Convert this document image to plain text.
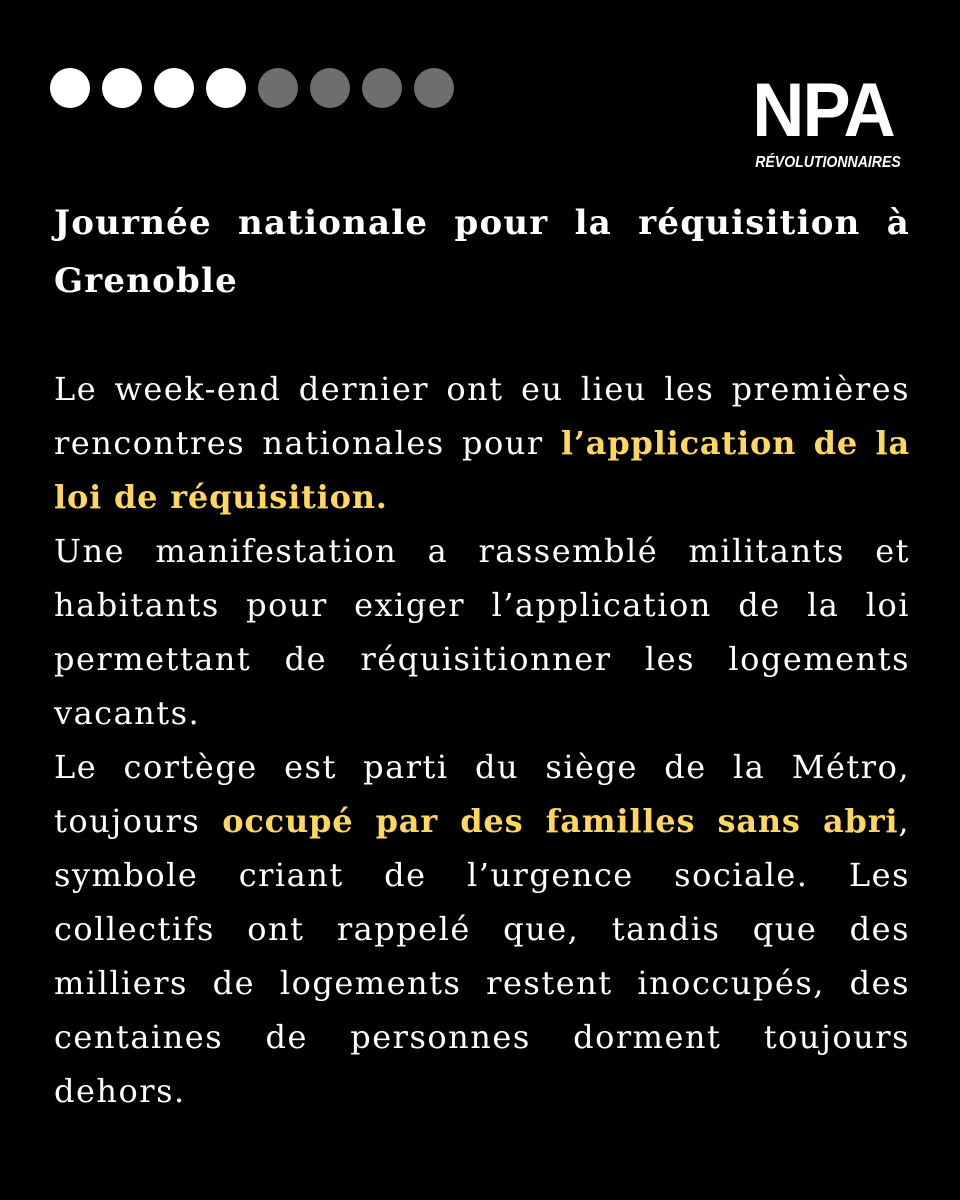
NPA
RÉVOLUTIONNAIRES
Journée nationale pour la réquisition à Grenoble

Le week-end dernier ont eu lieu les premières rencontres nationales pour l’application de la loi de réquisition.

Une manifestation a rassemblé militants et habitants pour exiger l’application de la loi permettant de réquisitionner les logements vacants.

Le cortège est parti du siège de la Métro, toujours occupé par des familles sans abri, symbole criant de l’urgence sociale. Les collectifs ont rappelé que, tandis que des milliers de logements restent inoccupés, des centaines de personnes dorment toujours dehors.
